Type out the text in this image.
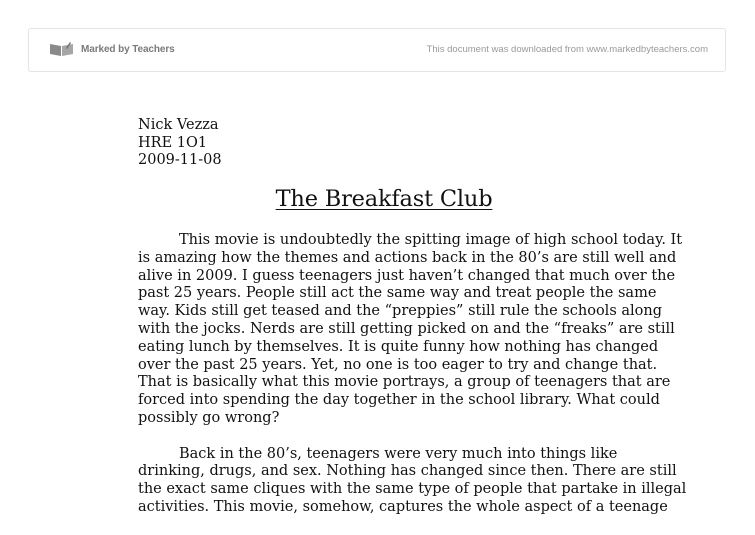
Marked by Teachers	This document was downloaded from www.markedbyteachers.com
Nick Vezza
HRE 1O1
2009-11-08
The Breakfast Club
This movie is undoubtedly the spitting image of high school today. It
is amazing how the themes and actions back in the 80’s are still well and
alive in 2009. I guess teenagers just haven’t changed that much over the
past 25 years. People still act the same way and treat people the same
way. Kids still get teased and the “preppies” still rule the schools along
with the jocks. Nerds are still getting picked on and the “freaks” are still
eating lunch by themselves. It is quite funny how nothing has changed
over the past 25 years. Yet, no one is too eager to try and change that.
That is basically what this movie portrays, a group of teenagers that are
forced into spending the day together in the school library. What could
possibly go wrong?
Back in the 80’s, teenagers were very much into things like
drinking, drugs, and sex. Nothing has changed since then. There are still
the exact same cliques with the same type of people that partake in illegal
activities. This movie, somehow, captures the whole aspect of a teenage
